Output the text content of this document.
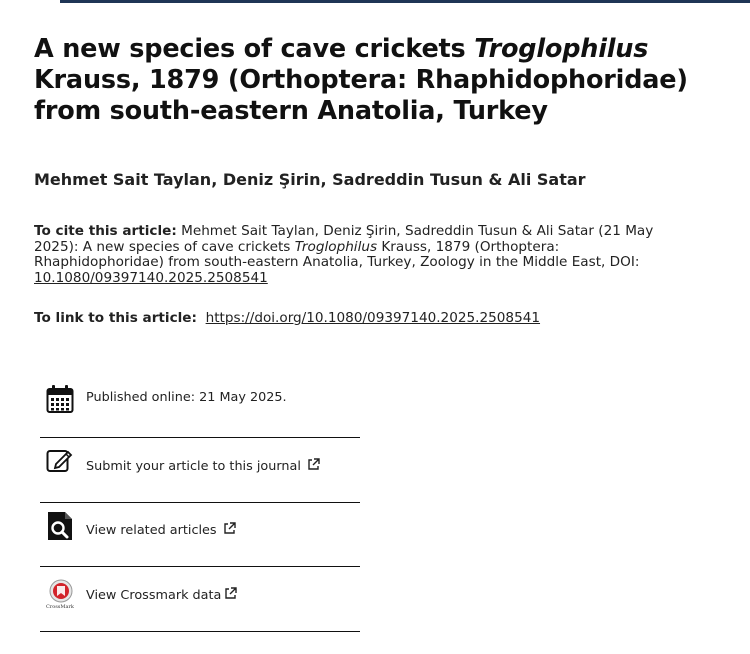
A new species of cave crickets Troglophilus Krauss, 1879 (Orthoptera: Rhaphidophoridae) from south-eastern Anatolia, Turkey
Mehmet Sait Taylan, Deniz Şirin, Sadreddin Tusun & Ali Satar
To cite this article: Mehmet Sait Taylan, Deniz Şirin, Sadreddin Tusun & Ali Satar (21 May 2025): A new species of cave crickets Troglophilus Krauss, 1879 (Orthoptera: Rhaphidophoridae) from south-eastern Anatolia, Turkey, Zoology in the Middle East, DOI: 10.1080/09397140.2025.2508541
To link to this article: https://doi.org/10.1080/09397140.2025.2508541
Published online: 21 May 2025.
Submit your article to this journal
View related articles
CrossMark
View Crossmark data
